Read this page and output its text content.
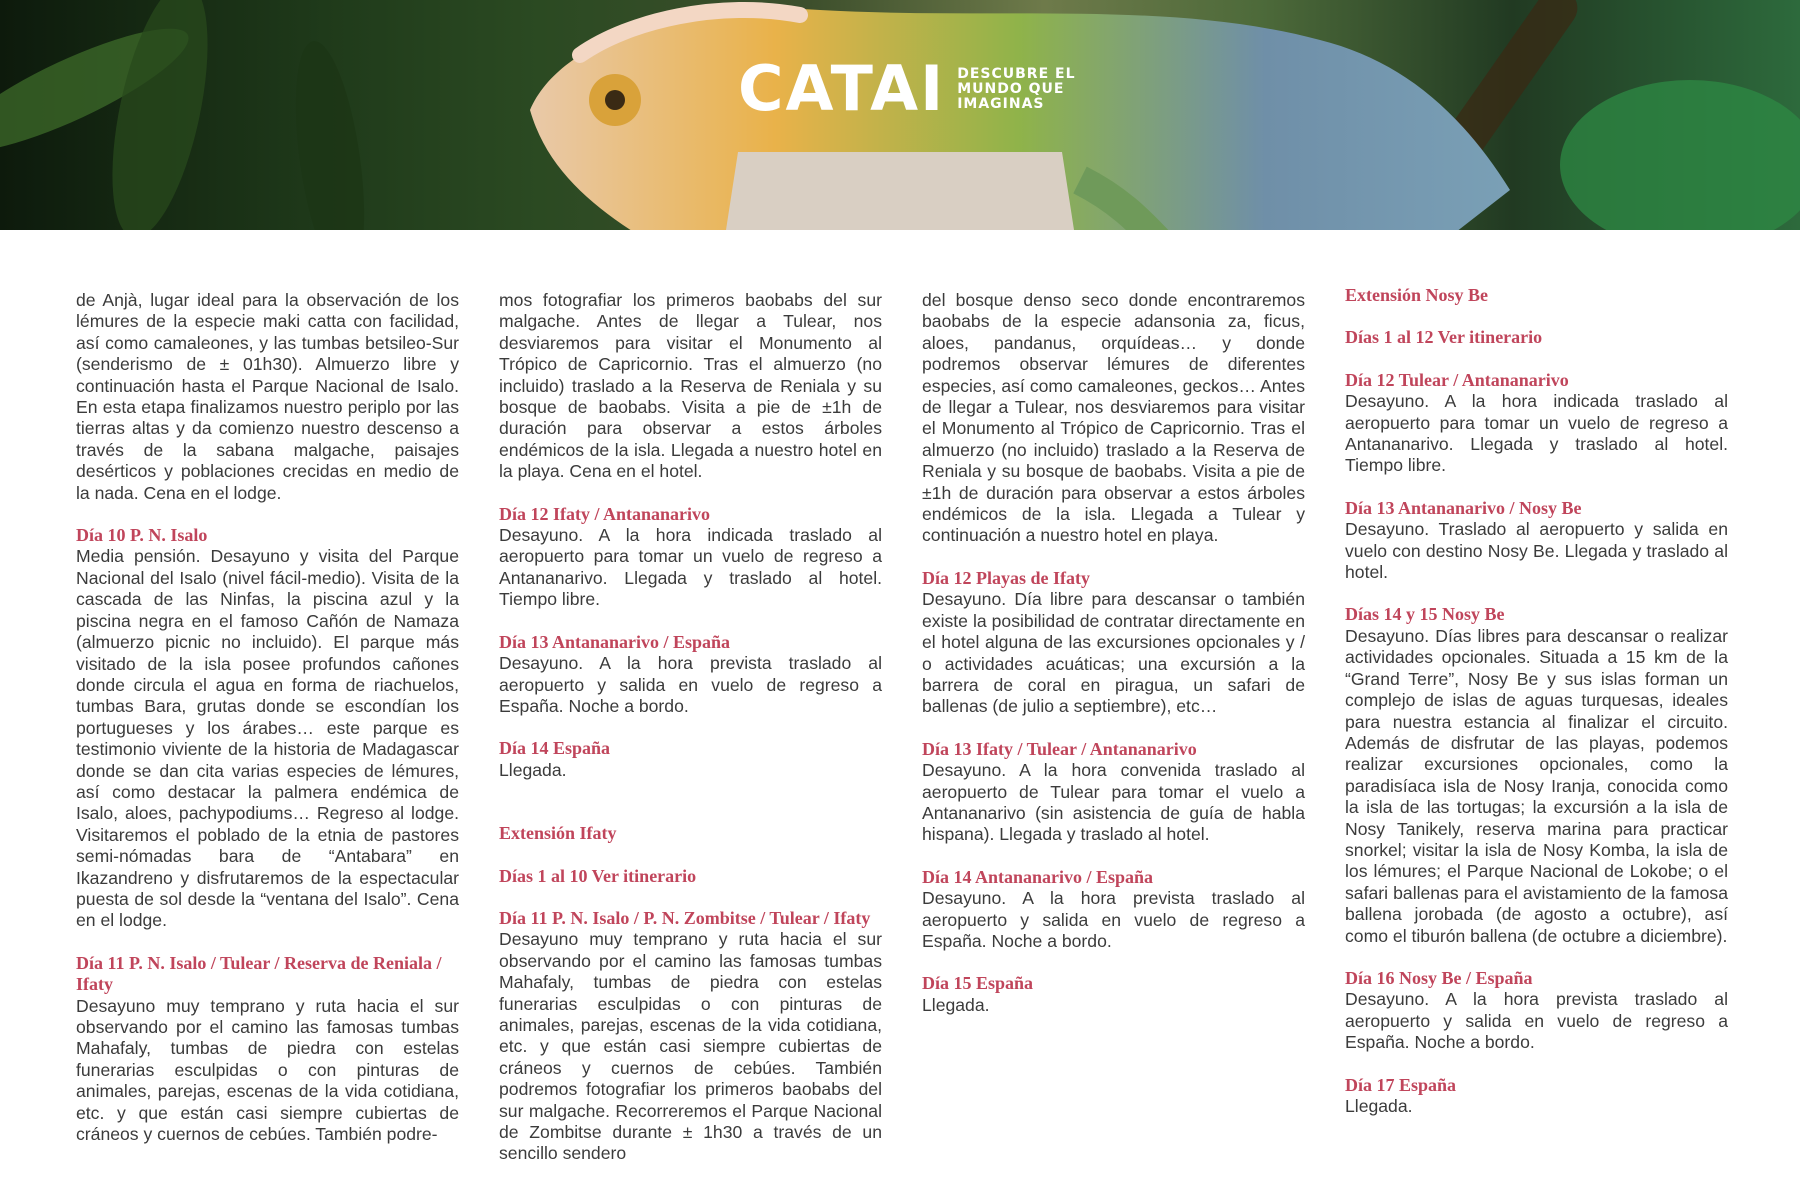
CATAI DESCUBRE EL
MUNDO QUE
IMAGINAS

de Anjà, lugar ideal para la observación de los lémures de la especie maki catta con facilidad, así como camaleones, y las tumbas betsileo-Sur (senderismo de ± 01h30). Almuerzo libre y continuación hasta el Parque Nacional de Isalo. En esta etapa finalizamos nuestro periplo por las tierras altas y da comienzo nuestro descenso a través de la sabana malgache, paisajes desérticos y poblaciones crecidas en medio de la nada. Cena en el lodge.

Día 10 P. N. Isalo
Media pensión. Desayuno y visita del Parque Nacional del Isalo (nivel fácil-medio). Visita de la cascada de las Ninfas, la piscina azul y la piscina negra en el famoso Cañón de Namaza (almuerzo picnic no incluido). El parque más visitado de la isla posee profundos cañones donde circula el agua en forma de riachuelos, tumbas Bara, grutas donde se escondían los portugueses y los árabes… este parque es testimonio viviente de la historia de Madagascar donde se dan cita varias especies de lémures, así como destacar la palmera endémica de Isalo, aloes, pachypodiums… Regreso al lodge. Visitaremos el poblado de la etnia de pastores semi-nómadas bara de “Antabara” en Ikazandreno y disfrutaremos de la espectacular puesta de sol desde la “ventana del Isalo”. Cena en el lodge.

Día 11 P. N. Isalo / Tulear / Reserva de Reniala / Ifaty
Desayuno muy temprano y ruta hacia el sur observando por el camino las famosas tumbas Mahafaly, tumbas de piedra con estelas funerarias esculpidas o con pinturas de animales, parejas, escenas de la vida cotidiana, etc. y que están casi siempre cubiertas de cráneos y cuernos de cebúes. También podre-

mos fotografiar los primeros baobabs del sur malgache. Antes de llegar a Tulear, nos desviaremos para visitar el Monumento al Trópico de Capricornio. Tras el almuerzo (no incluido) traslado a la Reserva de Reniala y su bosque de baobabs. Visita a pie de ±1h de duración para observar a estos árboles endémicos de la isla. Llegada a nuestro hotel en la playa. Cena en el hotel.

Día 12 Ifaty / Antananarivo
Desayuno. A la hora indicada traslado al aeropuerto para tomar un vuelo de regreso a Antananarivo. Llegada y traslado al hotel. Tiempo libre.

Día 13 Antananarivo / España
Desayuno. A la hora prevista traslado al aeropuerto y salida en vuelo de regreso a España. Noche a bordo.

Día 14 España
Llegada.

Extensión Ifaty
Días 1 al 10 Ver itinerario

Día 11 P. N. Isalo / P. N. Zombitse / Tulear / Ifaty
Desayuno muy temprano y ruta hacia el sur observando por el camino las famosas tumbas Mahafaly, tumbas de piedra con estelas funerarias esculpidas o con pinturas de animales, parejas, escenas de la vida cotidiana, etc. y que están casi siempre cubiertas de cráneos y cuernos de cebúes. También podremos fotografiar los primeros baobabs del sur malgache. Recorreremos el Parque Nacional de Zombitse durante ± 1h30 a través de un sencillo sendero

del bosque denso seco donde encontraremos baobabs de la especie adansonia za, ficus, aloes, pandanus, orquídeas… y donde podremos observar lémures de diferentes especies, así como camaleones, geckos… Antes de llegar a Tulear, nos desviaremos para visitar el Monumento al Trópico de Capricornio. Tras el almuerzo (no incluido) traslado a la Reserva de Reniala y su bosque de baobabs. Visita a pie de ±1h de duración para observar a estos árboles endémicos de la isla. Llegada a Tulear y continuación a nuestro hotel en playa.

Día 12 Playas de Ifaty
Desayuno. Día libre para descansar o también existe la posibilidad de contratar directamente en el hotel alguna de las excursiones opcionales y / o actividades acuáticas; una excursión a la barrera de coral en piragua, un safari de ballenas (de julio a septiembre), etc…

Día 13 Ifaty / Tulear / Antananarivo
Desayuno. A la hora convenida traslado al aeropuerto de Tulear para tomar el vuelo a Antananarivo (sin asistencia de guía de habla hispana). Llegada y traslado al hotel.

Día 14 Antananarivo / España
Desayuno. A la hora prevista traslado al aeropuerto y salida en vuelo de regreso a España. Noche a bordo.

Día 15 España
Llegada.

Extensión Nosy Be
Días 1 al 12 Ver itinerario

Día 12 Tulear / Antananarivo
Desayuno. A la hora indicada traslado al aeropuerto para tomar un vuelo de regreso a Antananarivo. Llegada y traslado al hotel. Tiempo libre.

Día 13 Antananarivo / Nosy Be
Desayuno. Traslado al aeropuerto y salida en vuelo con destino Nosy Be. Llegada y traslado al hotel.

Días 14 y 15 Nosy Be
Desayuno. Días libres para descansar o realizar actividades opcionales. Situada a 15 km de la “Grand Terre”, Nosy Be y sus islas forman un complejo de islas de aguas turquesas, ideales para nuestra estancia al finalizar el circuito. Además de disfrutar de las playas, podemos realizar excursiones opcionales, como la paradisíaca isla de Nosy Iranja, conocida como la isla de las tortugas; la excursión a la isla de Nosy Tanikely, reserva marina para practicar snorkel; visitar la isla de Nosy Komba, la isla de los lémures; el Parque Nacional de Lokobe; o el safari ballenas para el avistamiento de la famosa ballena jorobada (de agosto a octubre), así como el tiburón ballena (de octubre a diciembre).

Día 16 Nosy Be / España
Desayuno. A la hora prevista traslado al aeropuerto y salida en vuelo de regreso a España. Noche a bordo.

Día 17 España
Llegada.
